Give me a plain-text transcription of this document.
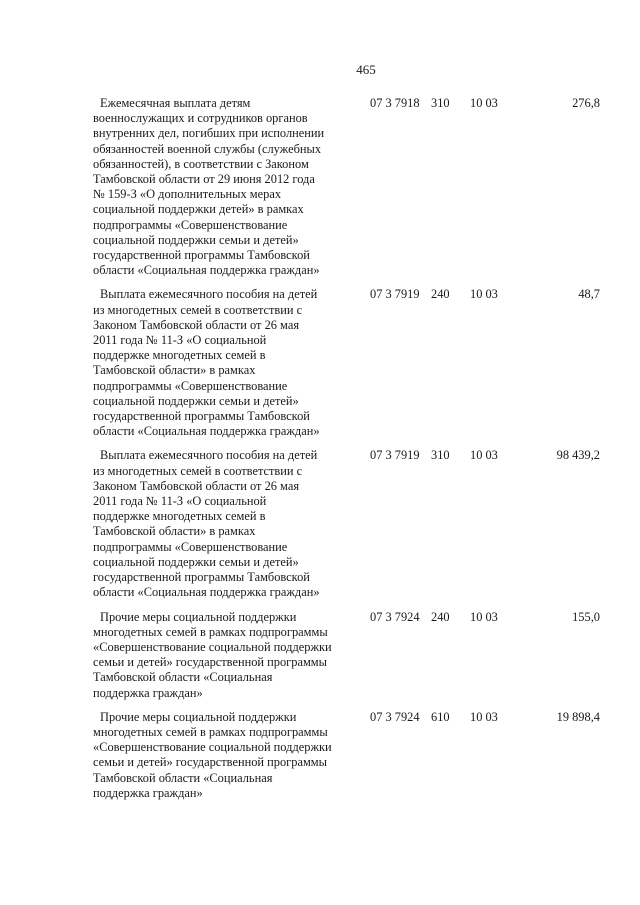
465
Ежемесячная выплата детям
военнослужащих и сотрудников органов
внутренних дел, погибших при исполнении
обязанностей военной службы (служебных
обязанностей), в соответствии с Законом
Тамбовской области от 29 июня 2012 года
№ 159-З «О дополнительных мерах
социальной поддержки детей» в рамках
подпрограммы «Совершенствование
социальной поддержки семьи и детей»
государственной программы Тамбовской
области «Социальная поддержка граждан»
07 3 7918 310 10 03	276,8
Выплата ежемесячного пособия на детей
из многодетных семей в соответствии с
Законом Тамбовской области от 26 мая
2011 года № 11-З «О социальной
поддержке многодетных семей в
Тамбовской области» в рамках
подпрограммы «Совершенствование
социальной поддержки семьи и детей»
государственной программы Тамбовской
области «Социальная поддержка граждан»
07 3 7919 240 10 03	48,7
Выплата ежемесячного пособия на детей
из многодетных семей в соответствии с
Законом Тамбовской области от 26 мая
2011 года № 11-З «О социальной
поддержке многодетных семей в
Тамбовской области» в рамках
подпрограммы «Совершенствование
социальной поддержки семьи и детей»
государственной программы Тамбовской
области «Социальная поддержка граждан»
07 3 7919 310 10 03	98 439,2
Прочие меры социальной поддержки
многодетных семей в рамках подпрограммы
«Совершенствование социальной поддержки
семьи и детей» государственной программы
Тамбовской области «Социальная
поддержка граждан»
07 3 7924 240 10 03	155,0
Прочие меры социальной поддержки
многодетных семей в рамках подпрограммы
«Совершенствование социальной поддержки
семьи и детей» государственной программы
Тамбовской области «Социальная
поддержка граждан»
07 3 7924 610 10 03	19 898,4
